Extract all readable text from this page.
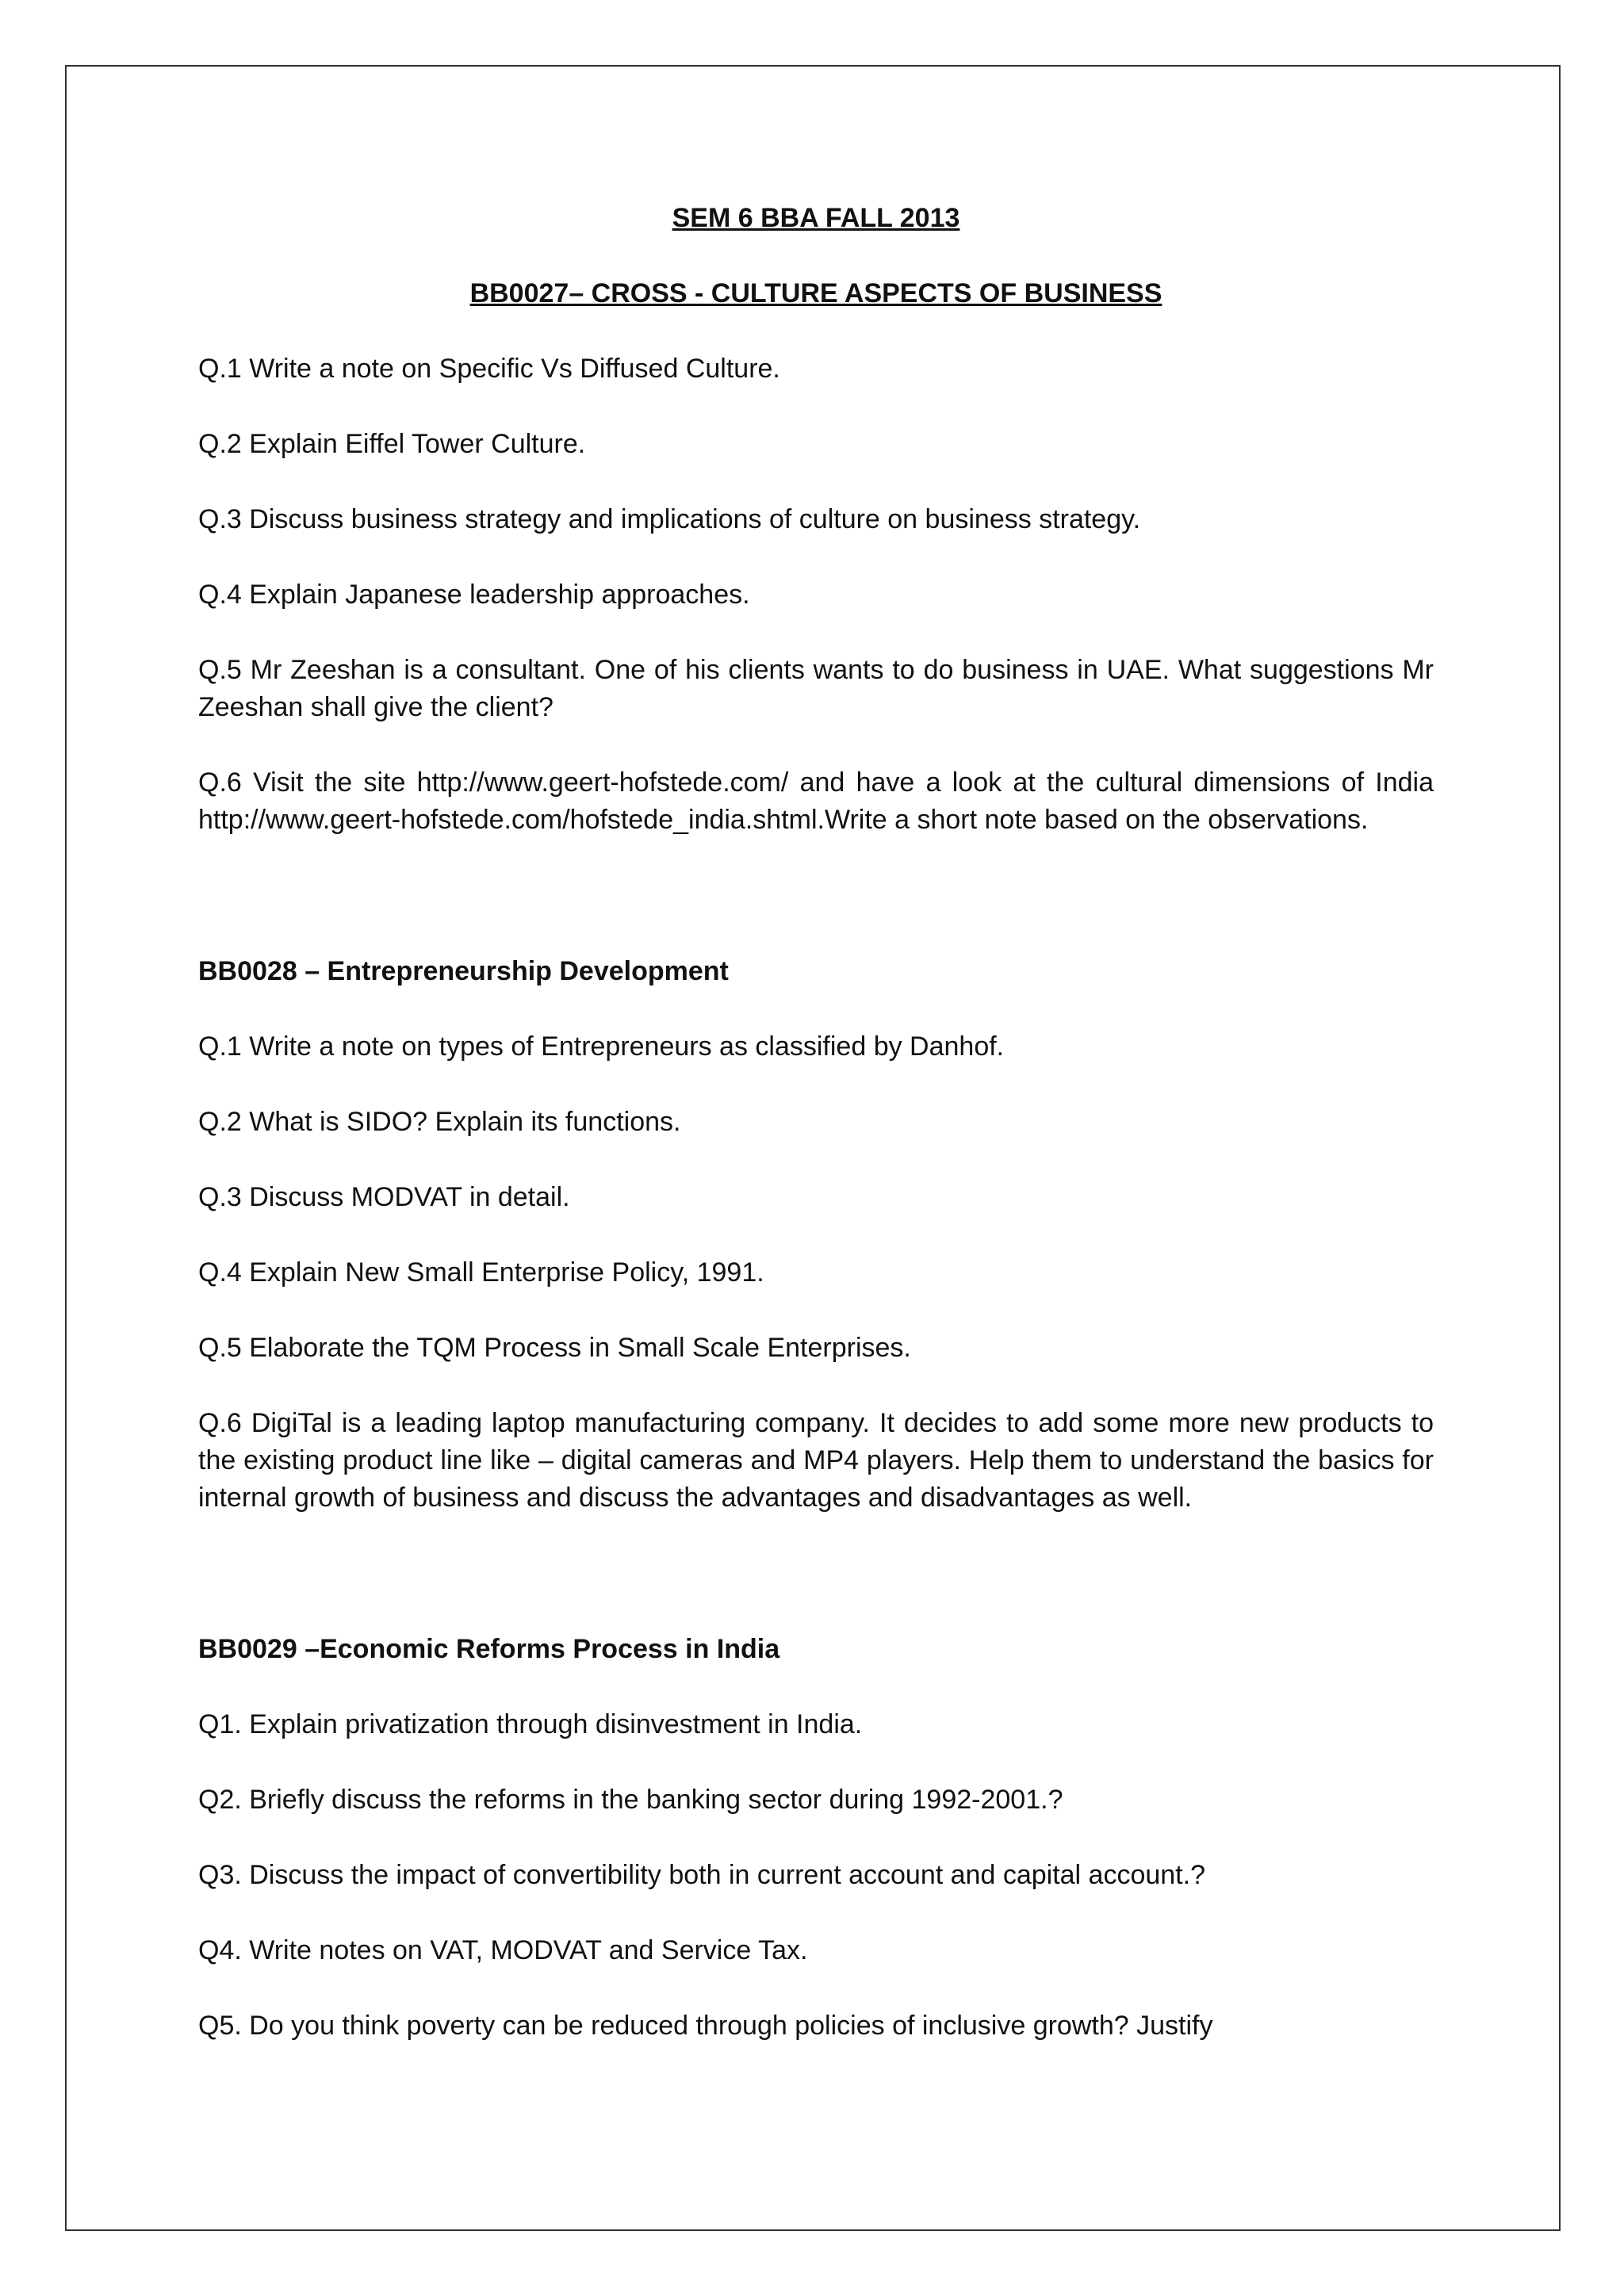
SEM 6 BBA FALL 2013

BB0027– CROSS - CULTURE ASPECTS OF BUSINESS

Q.1 Write a note on Specific Vs Diffused Culture.

Q.2 Explain Eiffel Tower Culture.

Q.3 Discuss business strategy and implications of culture on business strategy.

Q.4 Explain Japanese leadership approaches.

Q.5 Mr Zeeshan is a consultant. One of his clients wants to do business in UAE. What suggestions Mr Zeeshan shall give the client?

Q.6 Visit the site http://www.geert-hofstede.com/ and have a look at the cultural dimensions of India http://www.geert-hofstede.com/hofstede_india.shtml.Write a short note based on the observations.

BB0028 – Entrepreneurship Development

Q.1 Write a note on types of Entrepreneurs as classified by Danhof.

Q.2 What is SIDO? Explain its functions.

Q.3 Discuss MODVAT in detail.

Q.4 Explain New Small Enterprise Policy, 1991.

Q.5 Elaborate the TQM Process in Small Scale Enterprises.

Q.6 DigiTal is a leading laptop manufacturing company. It decides to add some more new products to the existing product line like – digital cameras and MP4 players. Help them to understand the basics for internal growth of business and discuss the advantages and disadvantages as well.

BB0029 –Economic Reforms Process in India

Q1. Explain privatization through disinvestment in India.

Q2. Briefly discuss the reforms in the banking sector during 1992-2001.?

Q3. Discuss the impact of convertibility both in current account and capital account.?

Q4. Write notes on VAT, MODVAT and Service Tax.

Q5. Do you think poverty can be reduced through policies of inclusive growth? Justify
